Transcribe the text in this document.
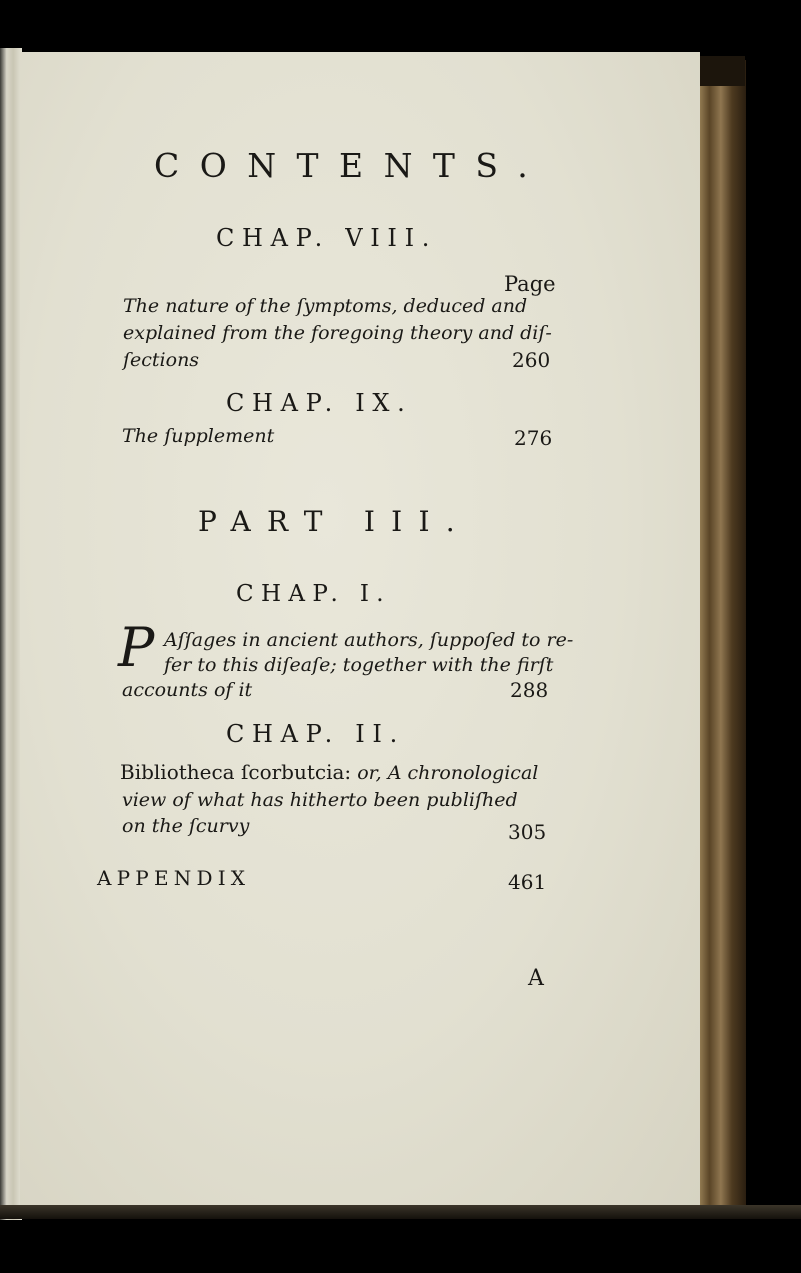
CONTENTS.
CHAP. VIII.
Page
The nature of the ſymptoms, deduced and
explained from the foregoing theory and diſ-
ſections	260
CHAP. IX.
The ſupplement	276
PART III.
CHAP. I.
P Aſſages in ancient authors, ſuppoſed to re-
fer to this diſeaſe; together with the firſt
accounts of it	288
CHAP. II.
Bibliotheca ſcorbutcia: or, A chronological
view of what has hitherto been publiſhed
on the ſcurvy	305
APPENDIX	461
A
